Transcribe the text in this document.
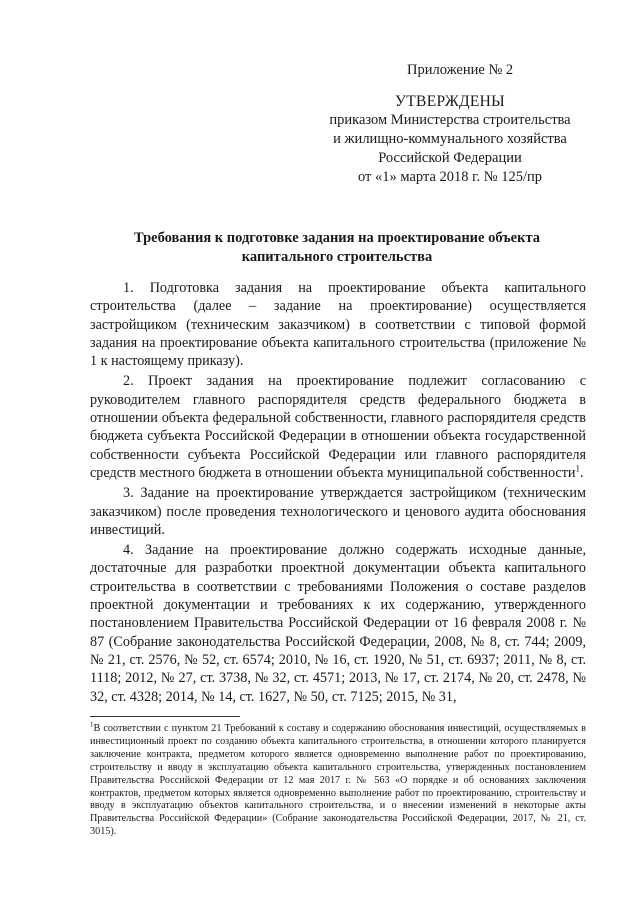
Приложение № 2
УТВЕРЖДЕНЫ
приказом Министерства строительства
и жилищно-коммунального хозяйства
Российской Федерации
от «1» марта 2018 г. № 125/пр
Требования к подготовке задания на проектирование объекта капитального строительства

1. Подготовка задания на проектирование объекта капитального строительства (далее – задание на проектирование) осуществляется застройщиком (техническим заказчиком) в соответствии с типовой формой задания на проектирование объекта капитального строительства (приложение № 1 к настоящему приказу).

2. Проект задания на проектирование подлежит согласованию с руководителем главного распорядителя средств федерального бюджета в отношении объекта федеральной собственности, главного распорядителя средств бюджета субъекта Российской Федерации в отношении объекта государственной собственности субъекта Российской Федерации или главного распорядителя средств местного бюджета в отношении объекта муниципальной собственности$^1$.

3. Задание на проектирование утверждается застройщиком (техническим заказчиком) после проведения технологического и ценового аудита обоснования инвестиций.

4. Задание на проектирование должно содержать исходные данные, достаточные для разработки проектной документации объекта капитального строительства в соответствии с требованиями Положения о составе разделов проектной документации и требованиях к их содержанию, утвержденного постановлением Правительства Российской Федерации от 16 февраля 2008 г. № 87 (Собрание законодательства Российской Федерации, 2008, № 8, ст. 744; 2009, № 21, ст. 2576, № 52, ст. 6574; 2010, № 16, ст. 1920, № 51, ст. 6937; 2011, № 8, ст. 1118; 2012, № 27, ст. 3738, № 32, ст. 4571; 2013, № 17, ст. 2174, № 20, ст. 2478, № 32, ст. 4328; 2014, № 14, ст. 1627, № 50, ст. 7125; 2015, № 31,

$^1$В соответствии с пунктом 21 Требований к составу и содержанию обоснования инвестиций, осуществляемых в инвестиционный проект по созданию объекта капитального строительства, в отношении которого планируется заключение контракта, предметом которого является одновременно выполнение работ по проектированию, строительству и вводу в эксплуатацию объекта капитального строительства, утвержденных постановлением Правительства Российской Федерации от 12 мая 2017 г. № 563 «О порядке и об основаниях заключения контрактов, предметом которых является одновременно выполнение работ по проектированию, строительству и вводу в эксплуатацию объектов капитального строительства, и о внесении изменений в некоторые акты Правительства Российской Федерации» (Собрание законодательства Российской Федерации, 2017, № 21, ст. 3015).
